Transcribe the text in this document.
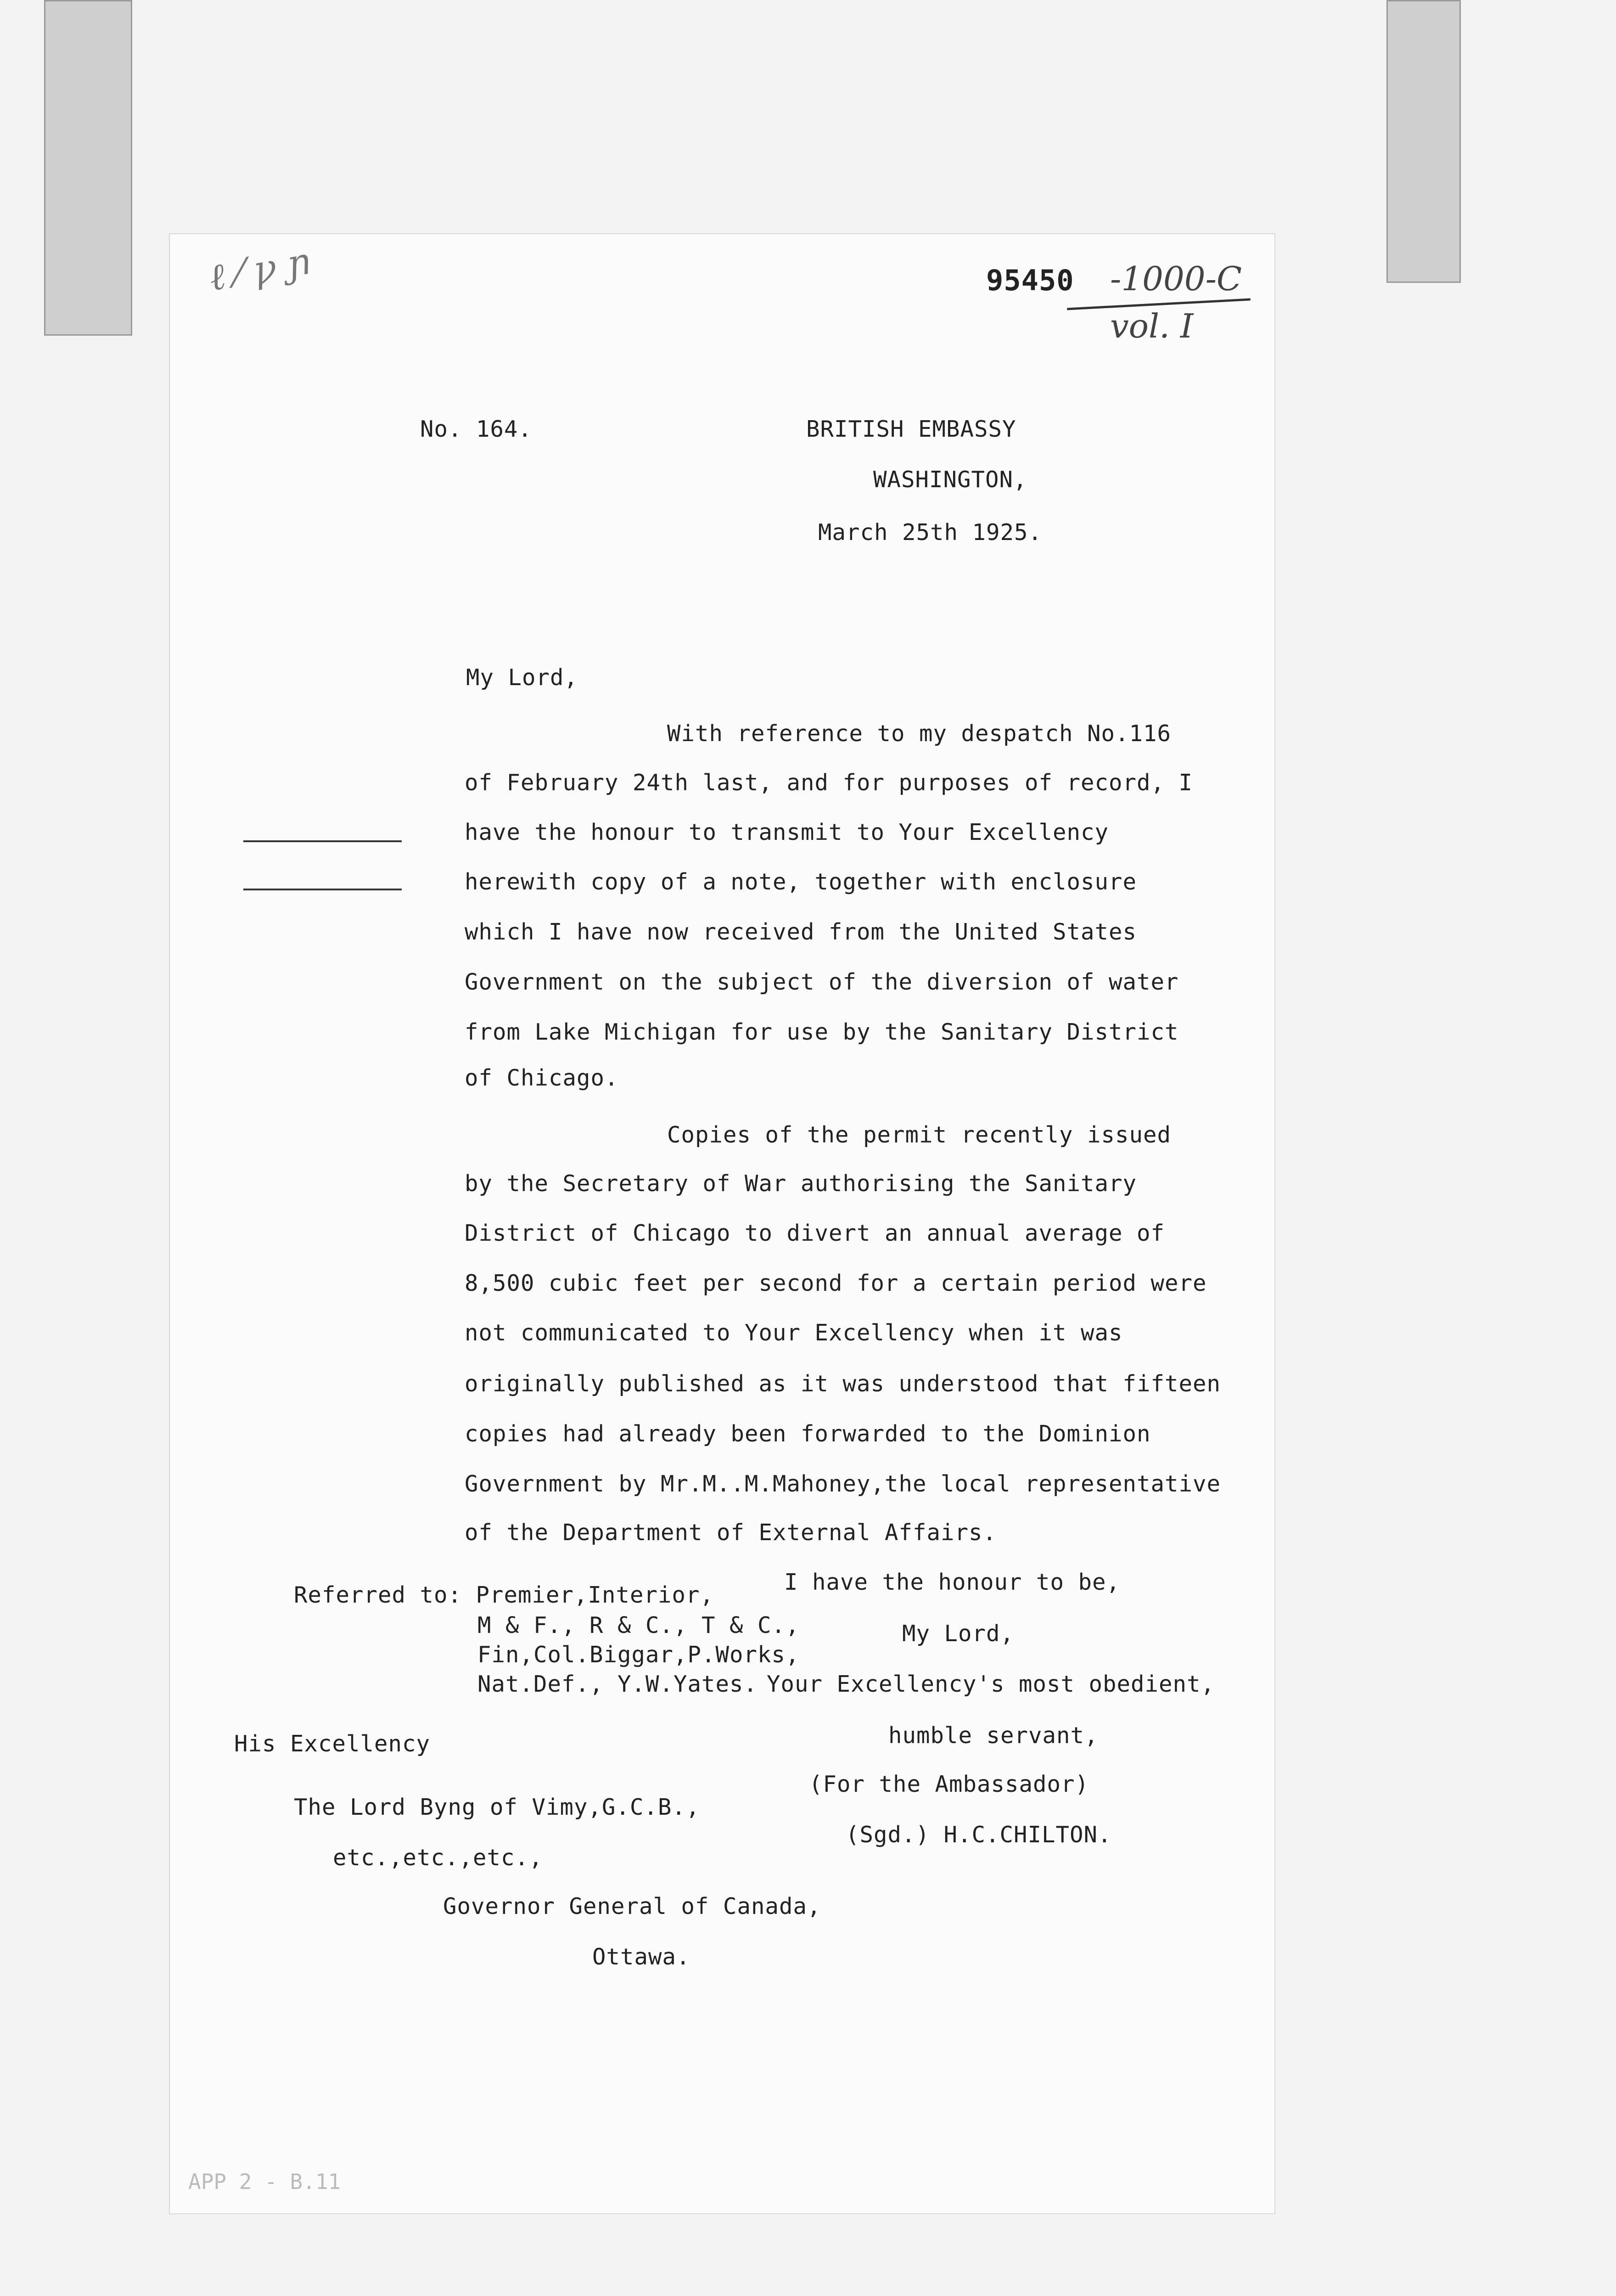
ℓ ⁄ ꝩ ɲ	95450 -1000-C
vol. I
No. 164.	BRITISH EMBASSY
WASHINGTON,
March 25th 1925.
My Lord,
With reference to my despatch No.116
of February 24th last, and for purposes of record, I
have the honour to transmit to Your Excellency
herewith copy of a note, together with enclosure
which I have now received from the United States
Government on the subject of the diversion of water
from Lake Michigan for use by the Sanitary District
of Chicago.
Copies of the permit recently issued
by the Secretary of War authorising the Sanitary
District of Chicago to divert an annual average of
8,500 cubic feet per second for a certain period were
not communicated to Your Excellency when it was
originally published as it was understood that fifteen
copies had already been forwarded to the Dominion
Government by Mr.M..M.Mahoney,the local representative
of the Department of External Affairs.
I have the honour to be,
My Lord,
Your Excellency's most obedient,
humble servant,
(For the Ambassador)
(Sgd.) H.C.CHILTON.
Referred to: Premier,Interior,
M & F., R & C., T & C.,
Fin,Col.Biggar,P.Works,
Nat.Def., Y.W.Yates.
His Excellency
The Lord Byng of Vimy,G.C.B.,
etc.,etc.,etc.,
Governor General of Canada,
Ottawa.
APP 2 - B.11
